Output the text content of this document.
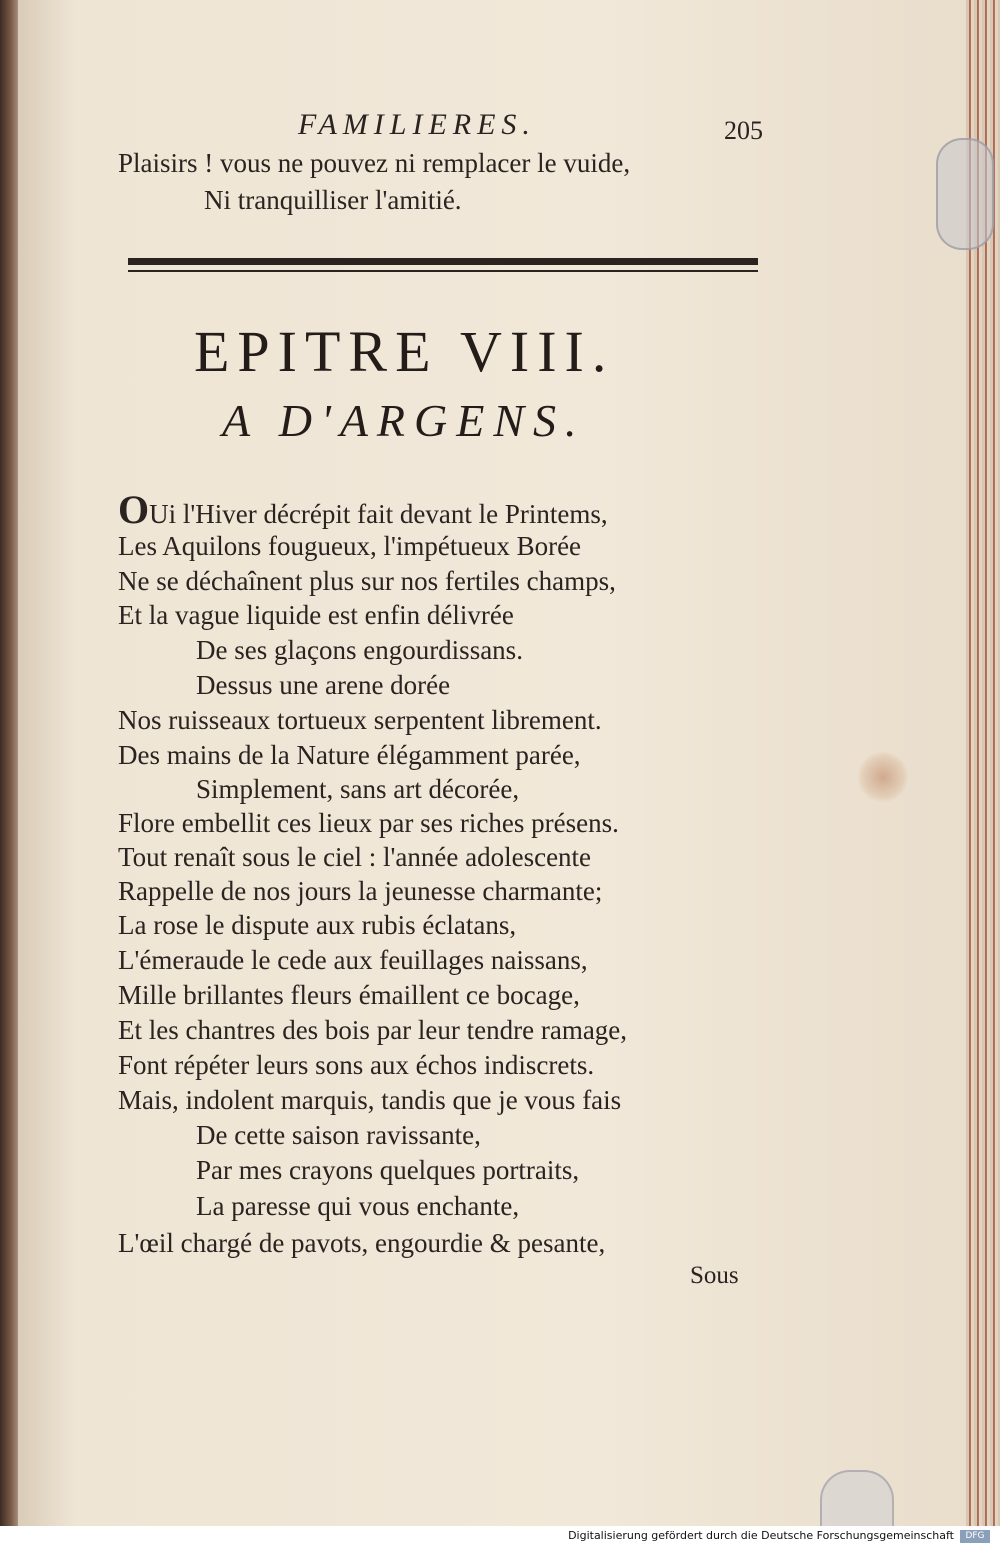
FAMILIERES.	205
Plaisirs ! vous ne pouvez ni remplacer le vuide,
Ni tranquilliser l'amitié.
EPITRE VIII.
A D'ARGENS.
OUi l'Hiver décrépit fait devant le Printems,
Les Aquilons fougueux, l'impétueux Borée
Ne se déchaînent plus sur nos fertiles champs,
Et la vague liquide est enfin délivrée
De ses glaçons engourdissans.
Dessus une arene dorée
Nos ruisseaux tortueux serpentent librement.
Des mains de la Nature élégamment parée,
Simplement, sans art décorée,
Flore embellit ces lieux par ses riches présens.
Tout renaît sous le ciel : l'année adolescente
Rappelle de nos jours la jeunesse charmante;
La rose le dispute aux rubis éclatans,
L'émeraude le cede aux feuillages naissans,
Mille brillantes fleurs émaillent ce bocage,
Et les chantres des bois par leur tendre ramage,
Font répéter leurs sons aux échos indiscrets.
Mais, indolent marquis, tandis que je vous fais
De cette saison ravissante,
Par mes crayons quelques portraits,
La paresse qui vous enchante,
L'œil chargé de pavots, engourdie & pesante,
Sous
Digitalisierung gefördert durch die Deutsche Forschungsgemeinschaft	DFG
